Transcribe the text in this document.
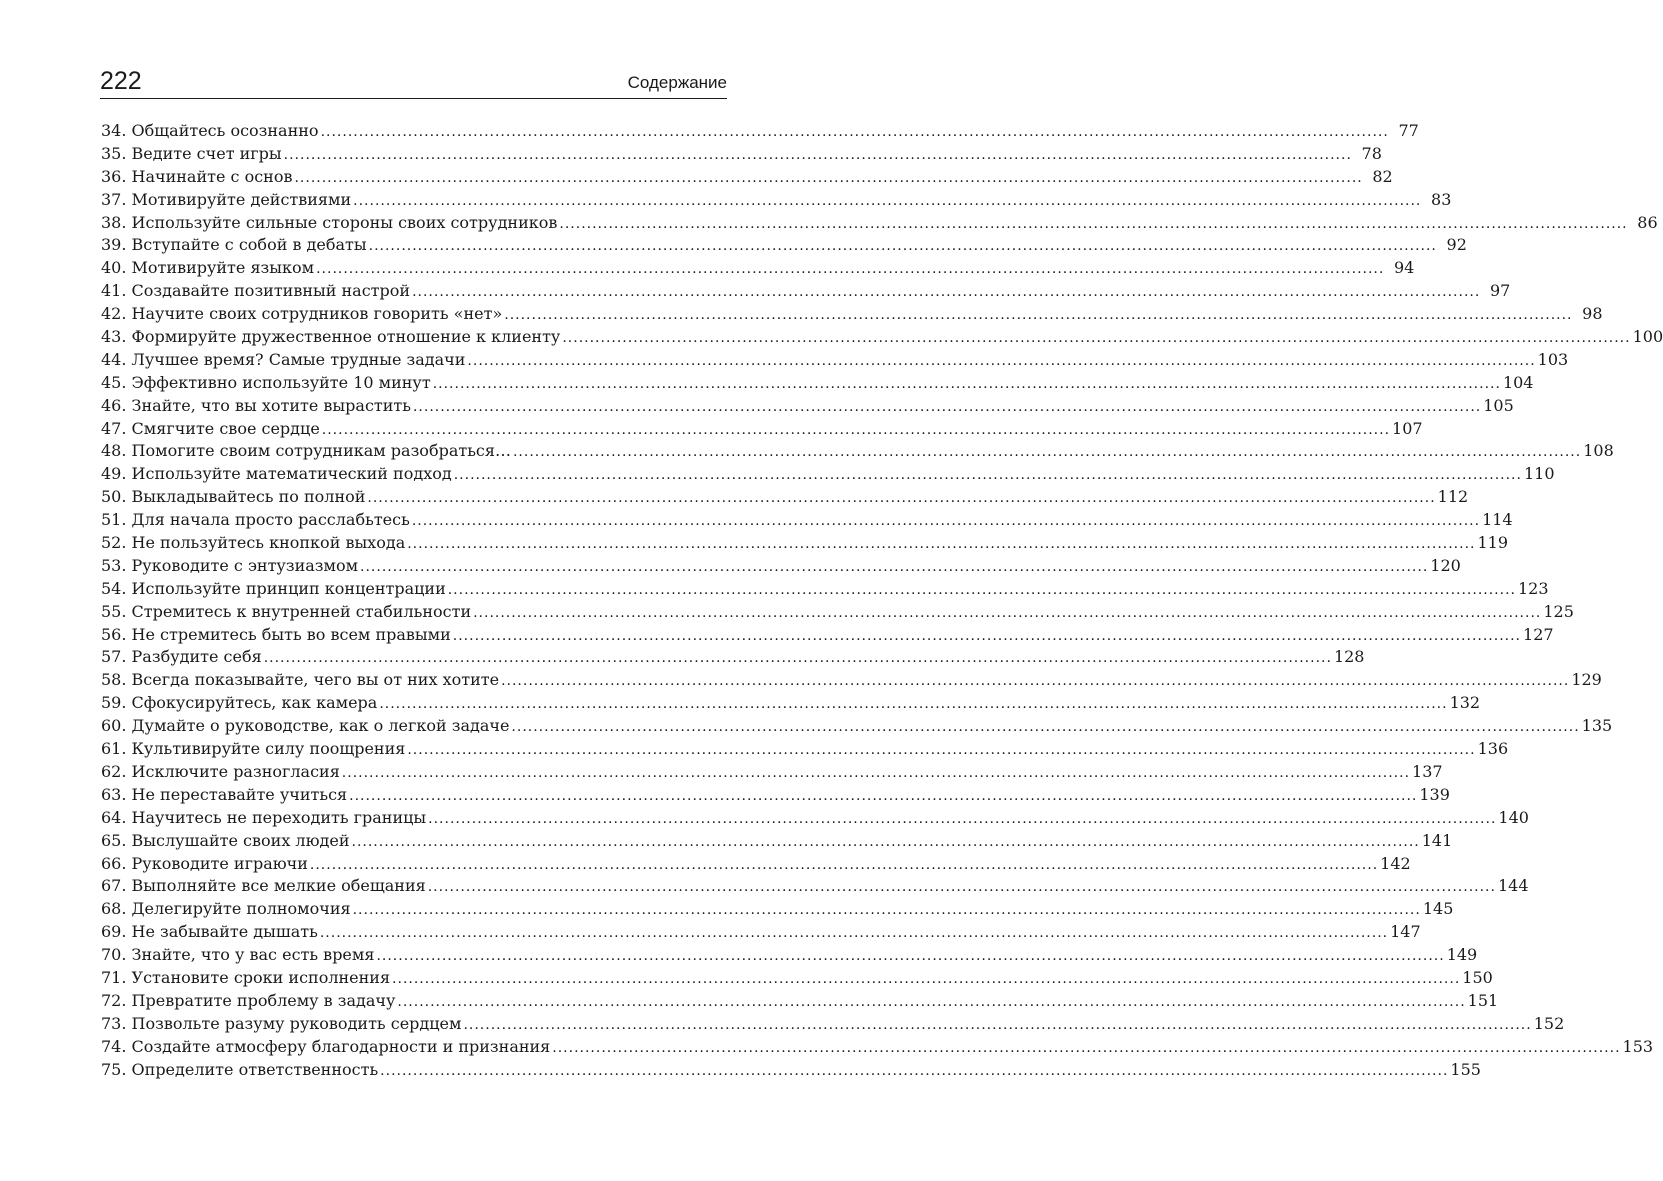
222	Содержание
34. Общайтесь осознанно .....	77
35. Ведите счет игры .....	78
36. Начинайте с основ .....	82
37. Мотивируйте действиями .....	83
38. Используйте сильные стороны своих сотрудников .....	86
39. Вступайте с собой в дебаты .....	92
40. Мотивируйте языком .....	94
41. Создавайте позитивный настрой .....	97
42. Научите своих сотрудников говорить «нет» .....	98
43. Формируйте дружественное отношение к клиенту .....	100
44. Лучшее время? Самые трудные задачи .....	103
45. Эффективно используйте 10 минут .....	104
46. Знайте, что вы хотите вырастить .....	105
47. Смягчите свое сердце .....	107
48. Помогите своим сотрудникам разобраться… .....	108
49. Используйте математический подход .....	110
50. Выкладывайтесь по полной .....	112
51. Для начала просто расслабьтесь .....	114
52. Не пользуйтесь кнопкой выхода .....	119
53. Руководите с энтузиазмом .....	120
54. Используйте принцип концентрации .....	123
55. Стремитесь к внутренней стабильности .....	125
56. Не стремитесь быть во всем правыми .....	127
57. Разбудите себя .....	128
58. Всегда показывайте, чего вы от них хотите .....	129
59. Сфокусируйтесь, как камера .....	132
60. Думайте о руководстве, как о легкой задаче .....	135
61. Культивируйте силу поощрения .....	136
62. Исключите разногласия .....	137
63. Не переставайте учиться .....	139
64. Научитесь не переходить границы .....	140
65. Выслушайте своих людей .....	141
66. Руководите играючи .....	142
67. Выполняйте все мелкие обещания .....	144
68. Делегируйте полномочия .....	145
69. Не забывайте дышать .....	147
70. Знайте, что у вас есть время .....	149
71. Установите сроки исполнения .....	150
72. Превратите проблему в задачу .....	151
73. Позвольте разуму руководить сердцем .....	152
74. Создайте атмосферу благодарности и признания .....	153
75. Определите ответственность .....	155
